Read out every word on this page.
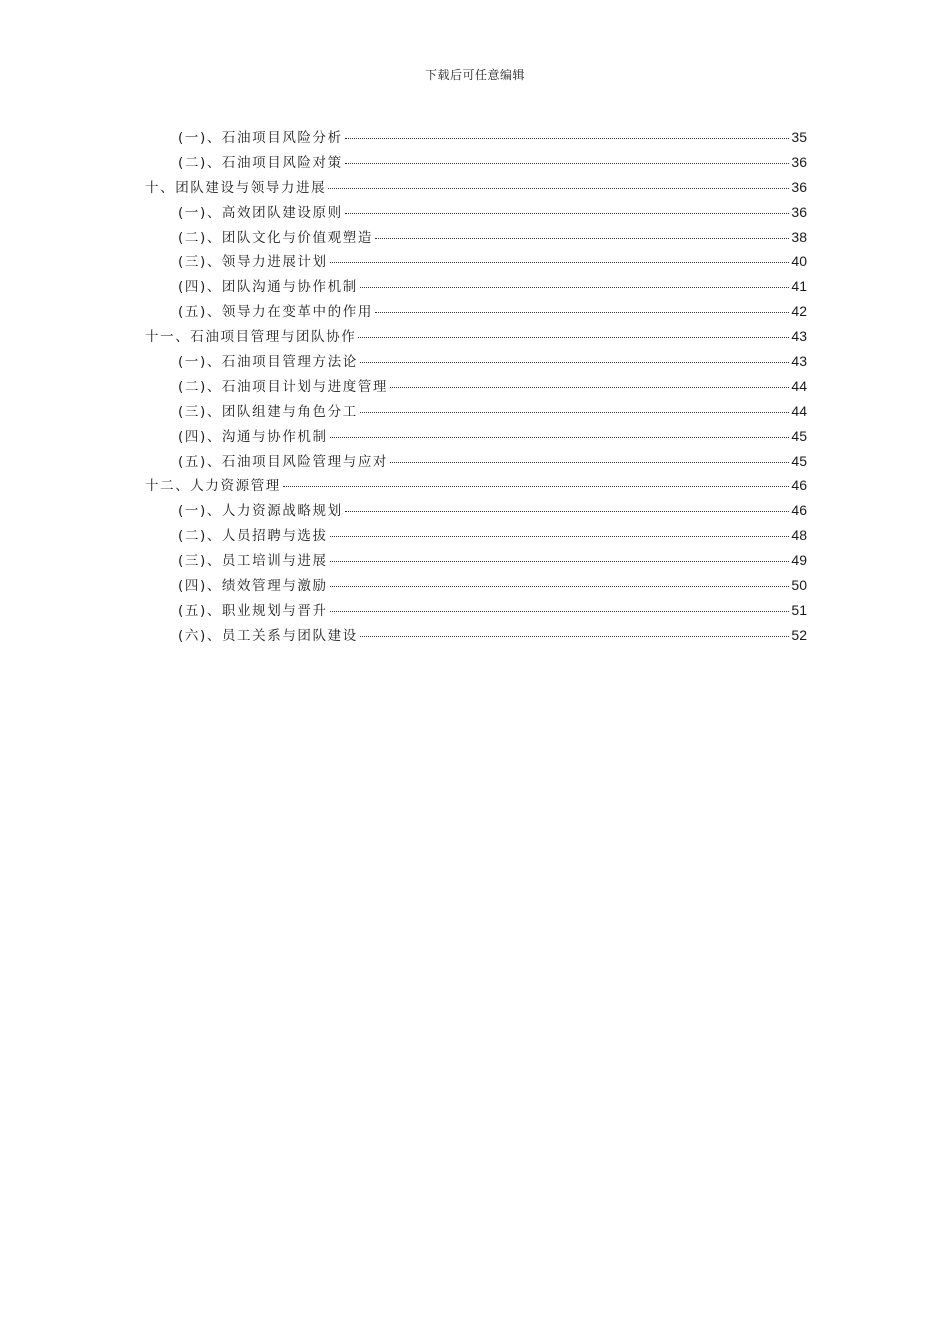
下载后可任意编辑
(一)、石油项目风险分析	35
(二)、石油项目风险对策	36
十、团队建设与领导力进展	36
(一)、高效团队建设原则	36
(二)、团队文化与价值观塑造	38
(三)、领导力进展计划	40
(四)、团队沟通与协作机制	41
(五)、领导力在变革中的作用	42
十一、石油项目管理与团队协作	43
(一)、石油项目管理方法论	43
(二)、石油项目计划与进度管理	44
(三)、团队组建与角色分工	44
(四)、沟通与协作机制	45
(五)、石油项目风险管理与应对	45
十二、人力资源管理	46
(一)、人力资源战略规划	46
(二)、人员招聘与选拔	48
(三)、员工培训与进展	49
(四)、绩效管理与激励	50
(五)、职业规划与晋升	51
(六)、员工关系与团队建设	52
